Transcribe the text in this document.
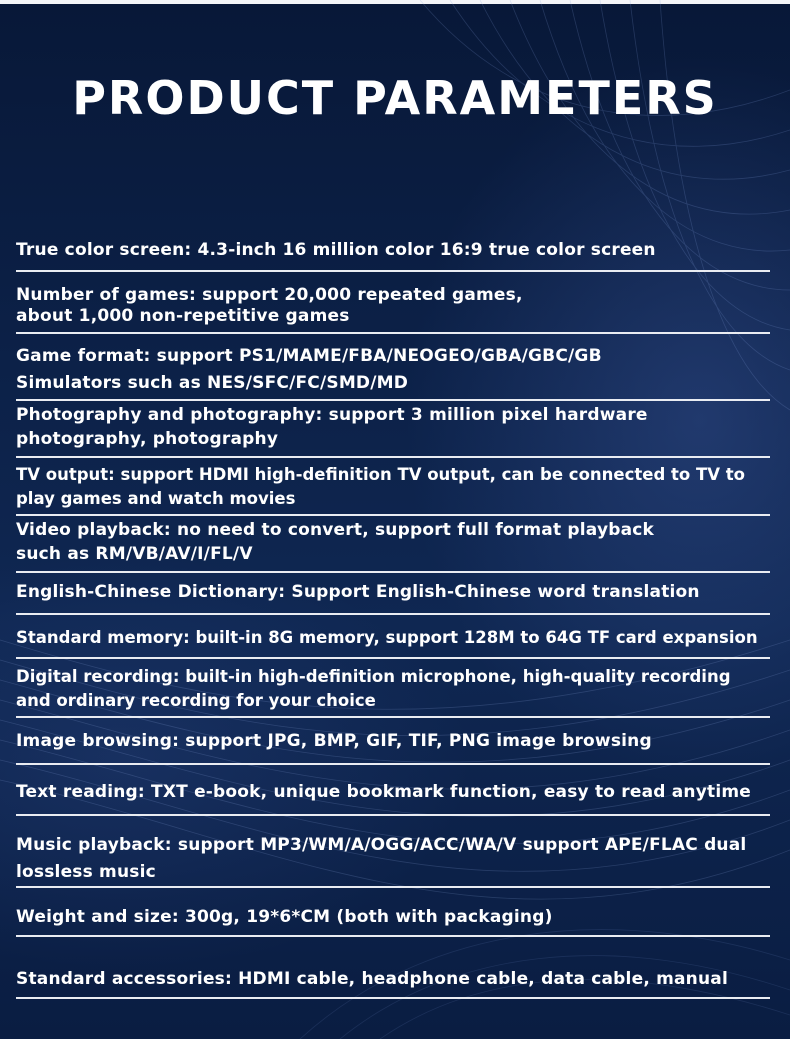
PRODUCT PARAMETERS
True color screen: 4.3-inch 16 million color 16:9 true color screen
Number of games: support 20,000 repeated games,
about 1,000 non-repetitive games
Game format: support PS1/MAME/FBA/NEOGEO/GBA/GBC/GB
Simulators such as NES/SFC/FC/SMD/MD
Photography and photography: support 3 million pixel hardware
photography, photography
TV output: support HDMI high-definition TV output, can be connected to TV to
play games and watch movies
Video playback: no need to convert, support full format playback
such as RM/VB/AV/I/FL/V
English-Chinese Dictionary: Support English-Chinese word translation
Standard memory: built-in 8G memory, support 128M to 64G TF card expansion
Digital recording: built-in high-definition microphone, high-quality recording
and ordinary recording for your choice
Image browsing: support JPG, BMP, GIF, TIF, PNG image browsing
Text reading: TXT e-book, unique bookmark function, easy to read anytime
Music playback: support MP3/WM/A/OGG/ACC/WA/V support APE/FLAC dual
lossless music
Weight and size: 300g, 19*6*CM (both with packaging)
Standard accessories: HDMI cable, headphone cable, data cable, manual
